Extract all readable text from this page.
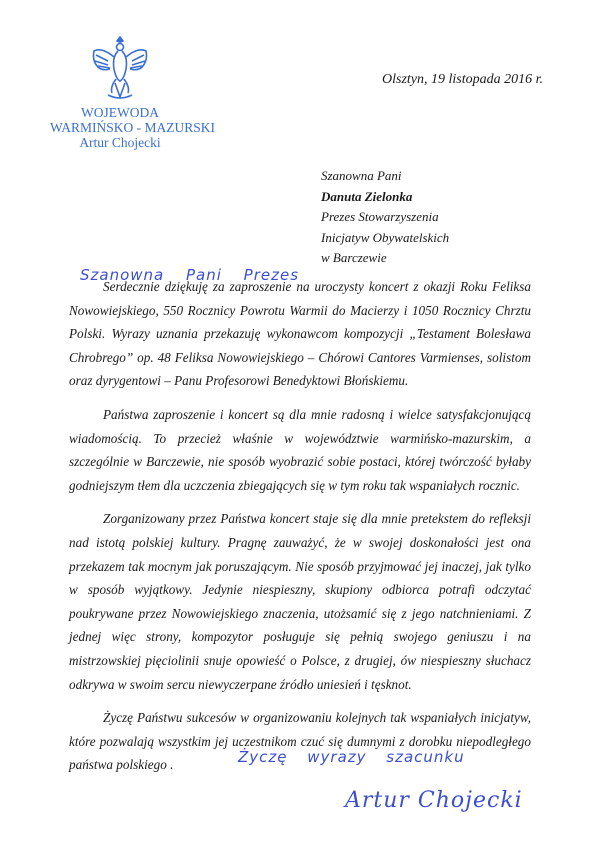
WOJEWODA
WARMIŃSKO - MAZURSKI
Artur Chojecki
Olsztyn, 19 listopada 2016 r.
Szanowna Pani
Danuta Zielonka
Prezes Stowarzyszenia
Inicjatyw Obywatelskich
w Barczewie
Szanowna Pani Prezes

Serdecznie dziękuję za zaproszenie na uroczysty koncert z okazji Roku Feliksa Nowowiejskiego, 550 Rocznicy Powrotu Warmii do Macierzy i 1050 Rocznicy Chrztu Polski. Wyrazy uznania przekazuję wykonawcom kompozycji „Testament Bolesława Chrobrego” op. 48 Feliksa Nowowiejskiego – Chórowi Cantores Varmienses, solistom oraz dyrygentowi – Panu Profesorowi Benedyktowi Błońskiemu.

Państwa zaproszenie i koncert są dla mnie radosną i wielce satysfakcjonującą wiadomością. To przecież właśnie w województwie warmińsko-mazurskim, a szczególnie w Barczewie, nie sposób wyobrazić sobie postaci, której twórczość byłaby godniejszym tłem dla uczczenia zbiegających się w tym roku tak wspaniałych rocznic.

Zorganizowany przez Państwa koncert staje się dla mnie pretekstem do refleksji nad istotą polskiej kultury. Pragnę zauważyć, że w swojej doskonałości jest ona przekazem tak mocnym jak poruszającym. Nie sposób przyjmować jej inaczej, jak tylko w sposób wyjątkowy. Jedynie niespieszny, skupiony odbiorca potrafi odczytać poukrywane przez Nowowiejskiego znaczenia, utożsamić się z jego natchnieniami. Z jednej więc strony, kompozytor posługuje się pełnią swojego geniuszu i na mistrzowskiej pięciolinii snuje opowieść o Polsce, z drugiej, ów niespieszny słuchacz odkrywa w swoim sercu niewyczerpane źródło uniesień i tęsknot.

Życzę Państwu sukcesów w organizowaniu kolejnych tak wspaniałych inicjatyw, które pozwalają wszystkim jej uczestnikom czuć się dumnymi z dorobku niepodległego państwa polskiego .	Życzę wyrazy szacunku
Artur Chojecki
